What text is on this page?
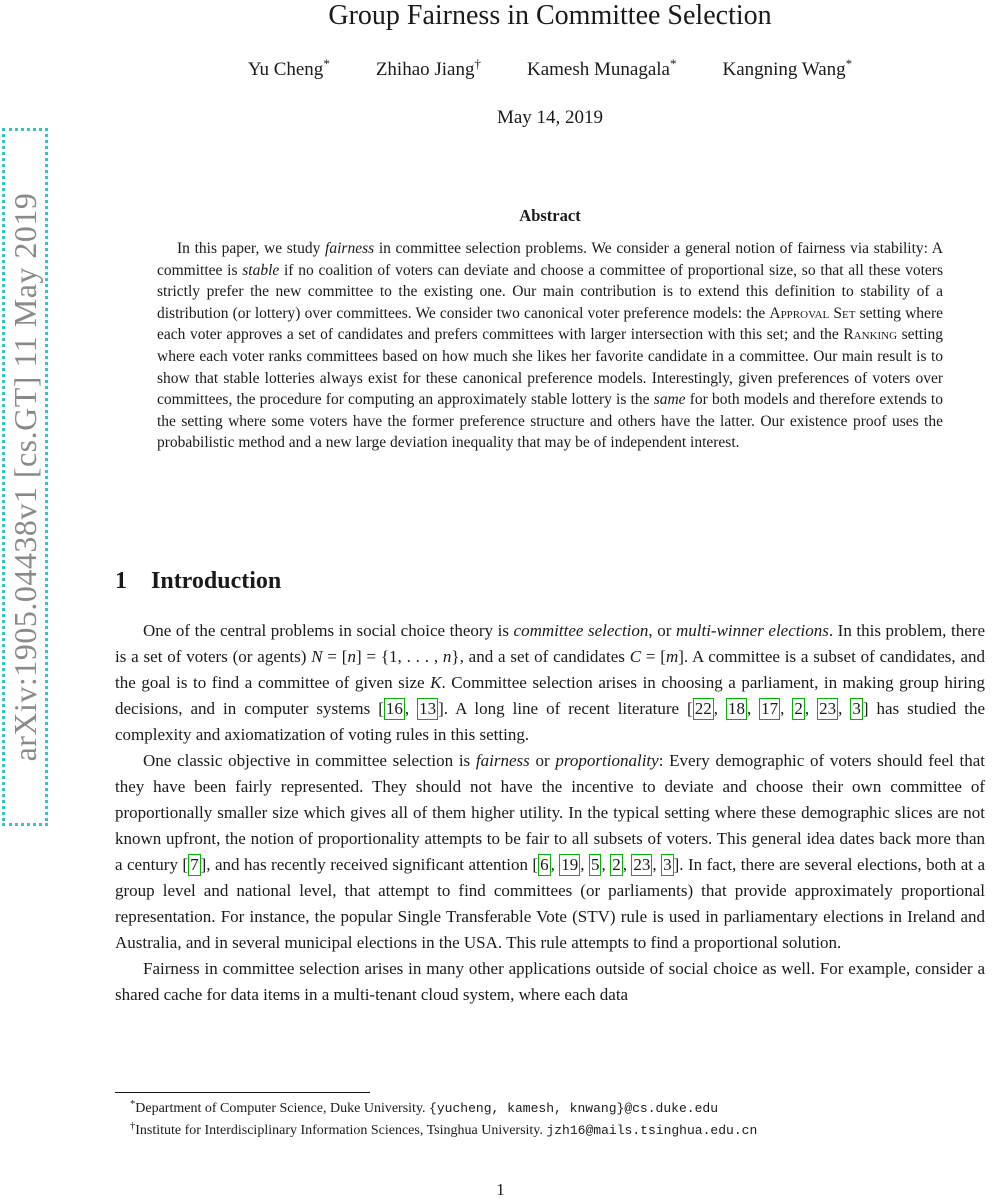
arXiv:1905.04438v1 [cs.GT] 11 May 2019
Group Fairness in Committee Selection
Yu Cheng* Zhihao Jiang† Kamesh Munagala* Kangning Wang*
May 14, 2019
Abstract

In this paper, we study fairness in committee selection problems. We consider a general notion of fairness via stability: A committee is stable if no coalition of voters can deviate and choose a committee of proportional size, so that all these voters strictly prefer the new committee to the existing one. Our main contribution is to extend this definition to stability of a distribution (or lottery) over committees. We consider two canonical voter preference models: the Approval Set setting where each voter approves a set of candidates and prefers committees with larger intersection with this set; and the Ranking setting where each voter ranks committees based on how much she likes her favorite candidate in a committee. Our main result is to show that stable lotteries always exist for these canonical preference models. Interestingly, given preferences of voters over committees, the procedure for computing an approximately stable lottery is the same for both models and therefore extends to the setting where some voters have the former preference structure and others have the latter. Our existence proof uses the probabilistic method and a new large deviation inequality that may be of independent interest.

1 Introduction

One of the central problems in social choice theory is committee selection, or multi-winner elections. In this problem, there is a set of voters (or agents) N = [n] = {1, . . . , n}, and a set of candidates C = [m]. A committee is a subset of candidates, and the goal is to find a committee of given size K. Committee selection arises in choosing a parliament, in making group hiring decisions, and in computer systems [ 16 , 13 ]. A long line of recent literature [ 22 , 18 , 17 , 2 , 23 , 3 ] has studied the complexity and axiomatization of voting rules in this setting.

One classic objective in committee selection is fairness or proportionality: Every demographic of voters should feel that they have been fairly represented. They should not have the incentive to deviate and choose their own committee of proportionally smaller size which gives all of them higher utility. In the typical setting where these demographic slices are not known upfront, the notion of proportionality attempts to be fair to all subsets of voters. This general idea dates back more than a century [ 7 ], and has recently received significant attention [ 6 , 19 , 5 , 2 , 23 , 3 ]. In fact, there are several elections, both at a group level and national level, that attempt to find committees (or parliaments) that provide approximately proportional representation. For instance, the popular Single Transferable Vote (STV) rule is used in parliamentary elections in Ireland and Australia, and in several municipal elections in the USA. This rule attempts to find a proportional solution.

Fairness in committee selection arises in many other applications outside of social choice as well. For example, consider a shared cache for data items in a multi-tenant cloud system, where each data

*Department of Computer Science, Duke University. {yucheng, kamesh, knwang}@cs.duke.edu

†Institute for Interdisciplinary Information Sciences, Tsinghua University. jzh16@mails.tsinghua.edu.cn

1
